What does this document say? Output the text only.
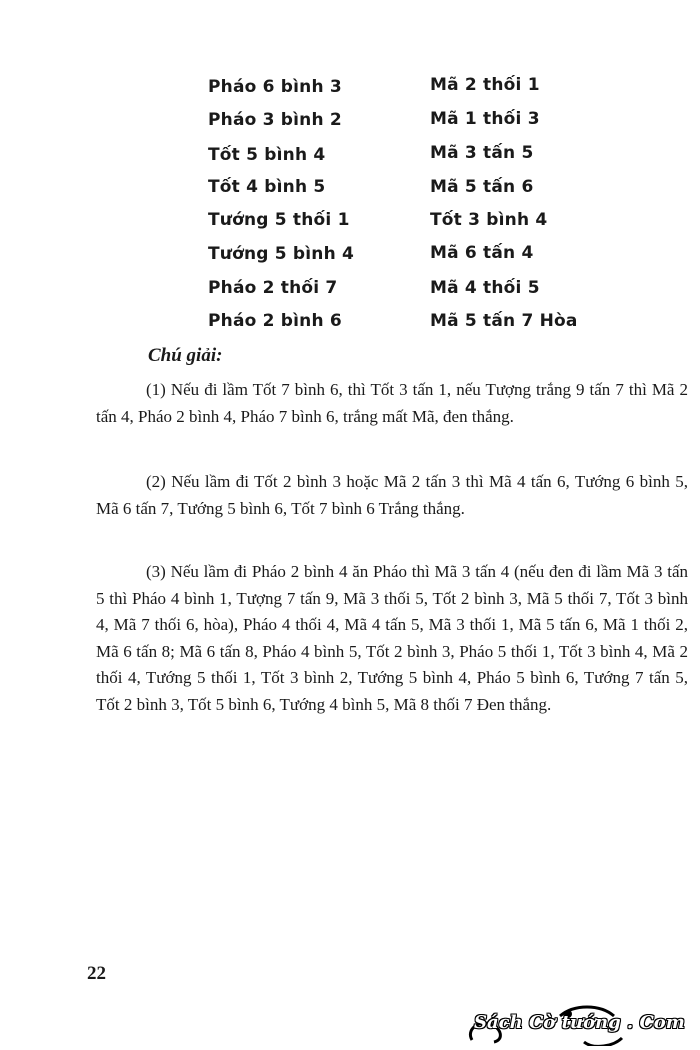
Pháo 6 bình 3	Mã 2 thối 1

Pháo 3 bình 2	Mã 1 thối 3

Tốt 5 bình 4	Mã 3 tấn 5

Tốt 4 bình 5	Mã 5 tấn 6

Tướng 5 thối 1	Tốt 3 bình 4

Tướng 5 bình 4	Mã 6 tấn 4

Pháo 2 thối 7	Mã 4 thối 5

Pháo 2 bình 6	Mã 5 tấn 7 Hòa

Chú giải:

(1) Nếu đi lầm Tốt 7 bình 6, thì Tốt 3 tấn 1, nếu Tượng trắng 9 tấn 7 thì Mã 2 tấn 4, Pháo 2 bình 4, Pháo 7 bình 6, trắng mất Mã, đen thắng.

(2) Nếu lầm đi Tốt 2 bình 3 hoặc Mã 2 tấn 3 thì Mã 4 tấn 6, Tướng 6 bình 5, Mã 6 tấn 7, Tướng 5 bình 6, Tốt 7 bình 6 Trắng thắng.

(3) Nếu lầm đi Pháo 2 bình 4 ăn Pháo thì Mã 3 tấn 4 (nếu đen đi lầm Mã 3 tấn 5 thì Pháo 4 bình 1, Tượng 7 tấn 9, Mã 3 thối 5, Tốt 2 bình 3, Mã 5 thối 7, Tốt 3 bình 4, Mã 7 thối 6, hòa), Pháo 4 thối 4, Mã 4 tấn 5, Mã 3 thối 1, Mã 5 tấn 6, Mã 1 thối 2, Mã 6 tấn 8; Mã 6 tấn 8, Pháo 4 bình 5, Tốt 2 bình 3, Pháo 5 thối 1, Tốt 3 bình 4, Mã 2 thối 4, Tướng 5 thối 1, Tốt 3 bình 2, Tướng 5 bình 4, Pháo 5 bình 6, Tướng 7 tấn 5, Tốt 2 bình 3, Tốt 5 bình 6, Tướng 4 bình 5, Mã 8 thối 7 Đen thắng.

22

Sách Cờ tướng . Com
